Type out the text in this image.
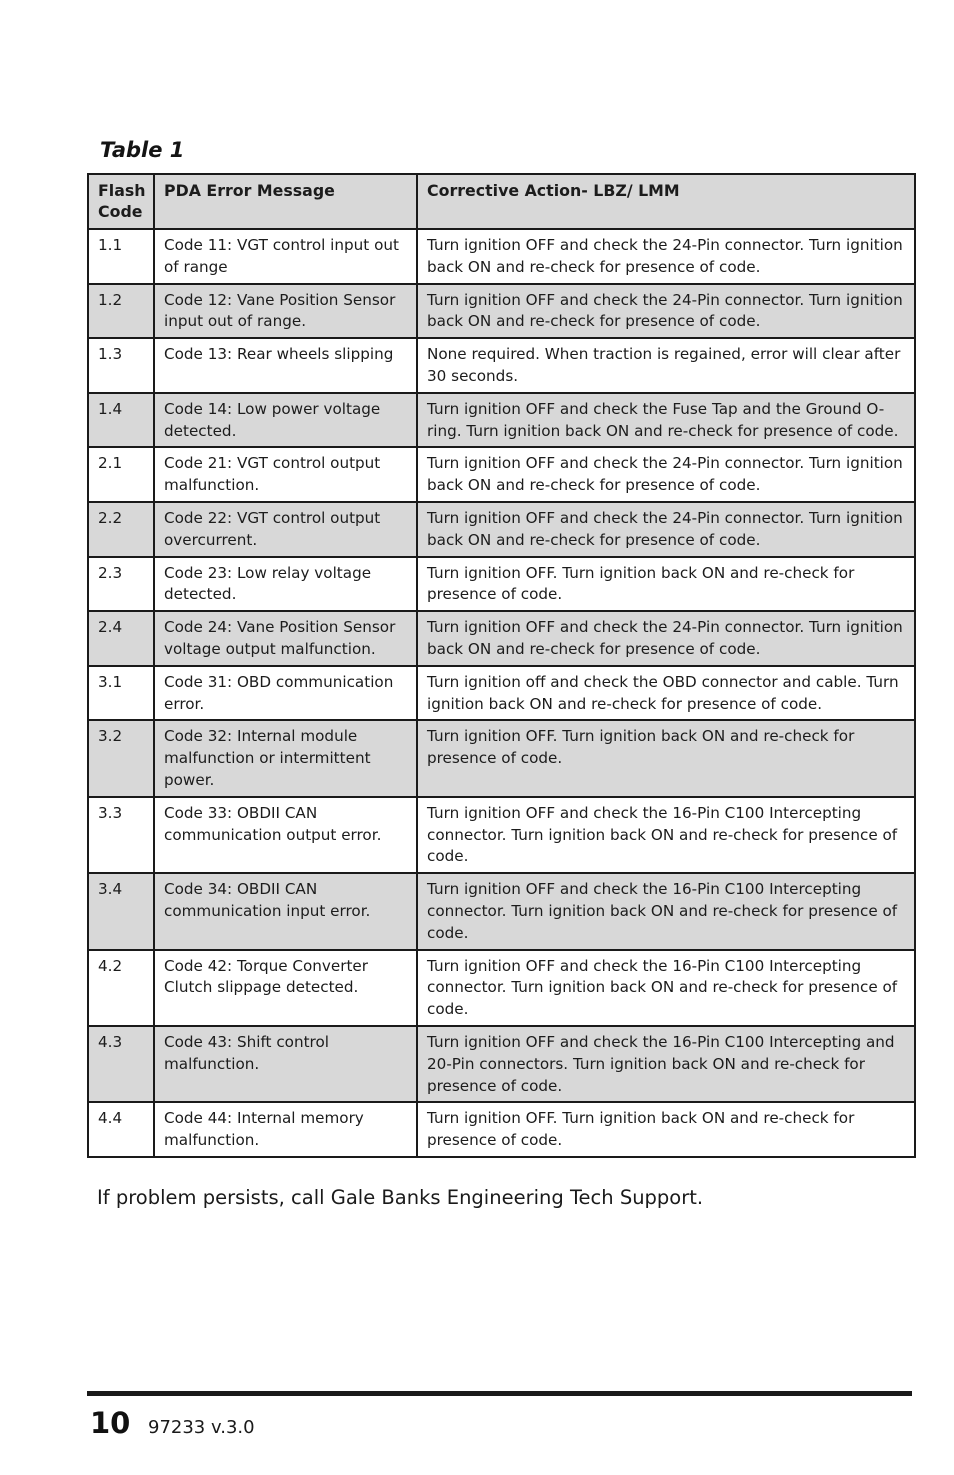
Table 1
Flash Code	PDA Error Message	Corrective Action- LBZ/ LMM
1.1	Code 11: VGT control input out of range	Turn ignition OFF and check the 24-Pin connector. Turn ignition back ON and re-check for presence of code.
1.2	Code 12: Vane Position Sensor input out of range.	Turn ignition OFF and check the 24-Pin connector. Turn ignition back ON and re-check for presence of code.
1.3	Code 13: Rear wheels slipping	None required. When traction is regained, error will clear after 30 seconds.
1.4	Code 14: Low power voltage detected.	Turn ignition OFF and check the Fuse Tap and the Ground O-ring. Turn ignition back ON and re-check for presence of code.
2.1	Code 21: VGT control output malfunction.	Turn ignition OFF and check the 24-Pin connector. Turn ignition back ON and re-check for presence of code.
2.2	Code 22: VGT control output overcurrent.	Turn ignition OFF and check the 24-Pin connector. Turn ignition back ON and re-check for presence of code.
2.3	Code 23: Low relay voltage detected.	Turn ignition OFF. Turn ignition back ON and re-check for presence of code.
2.4	Code 24: Vane Position Sensor voltage output malfunction.	Turn ignition OFF and check the 24-Pin connector. Turn ignition back ON and re-check for presence of code.
3.1	Code 31: OBD communication error.	Turn ignition off and check the OBD connector and cable. Turn ignition back ON and re-check for presence of code.
3.2	Code 32: Internal module malfunction or intermittent power.	Turn ignition OFF. Turn ignition back ON and re-check for presence of code.
3.3	Code 33: OBDII CAN communication output error.	Turn ignition OFF and check the 16-Pin C100 Intercepting connector. Turn ignition back ON and re-check for presence of code.
3.4	Code 34: OBDII CAN communication input error.	Turn ignition OFF and check the 16-Pin C100 Intercepting connector. Turn ignition back ON and re-check for presence of code.
4.2	Code 42: Torque Converter Clutch slippage detected.	Turn ignition OFF and check the 16-Pin C100 Intercepting connector. Turn ignition back ON and re-check for presence of code.
4.3	Code 43: Shift control malfunction.	Turn ignition OFF and check the 16-Pin C100 Intercepting and 20-Pin connectors. Turn ignition back ON and re-check for presence of code.
4.4	Code 44: Internal memory malfunction.	Turn ignition OFF. Turn ignition back ON and re-check for presence of code.
If problem persists, call Gale Banks Engineering Tech Support.
10 97233 v.3.0
